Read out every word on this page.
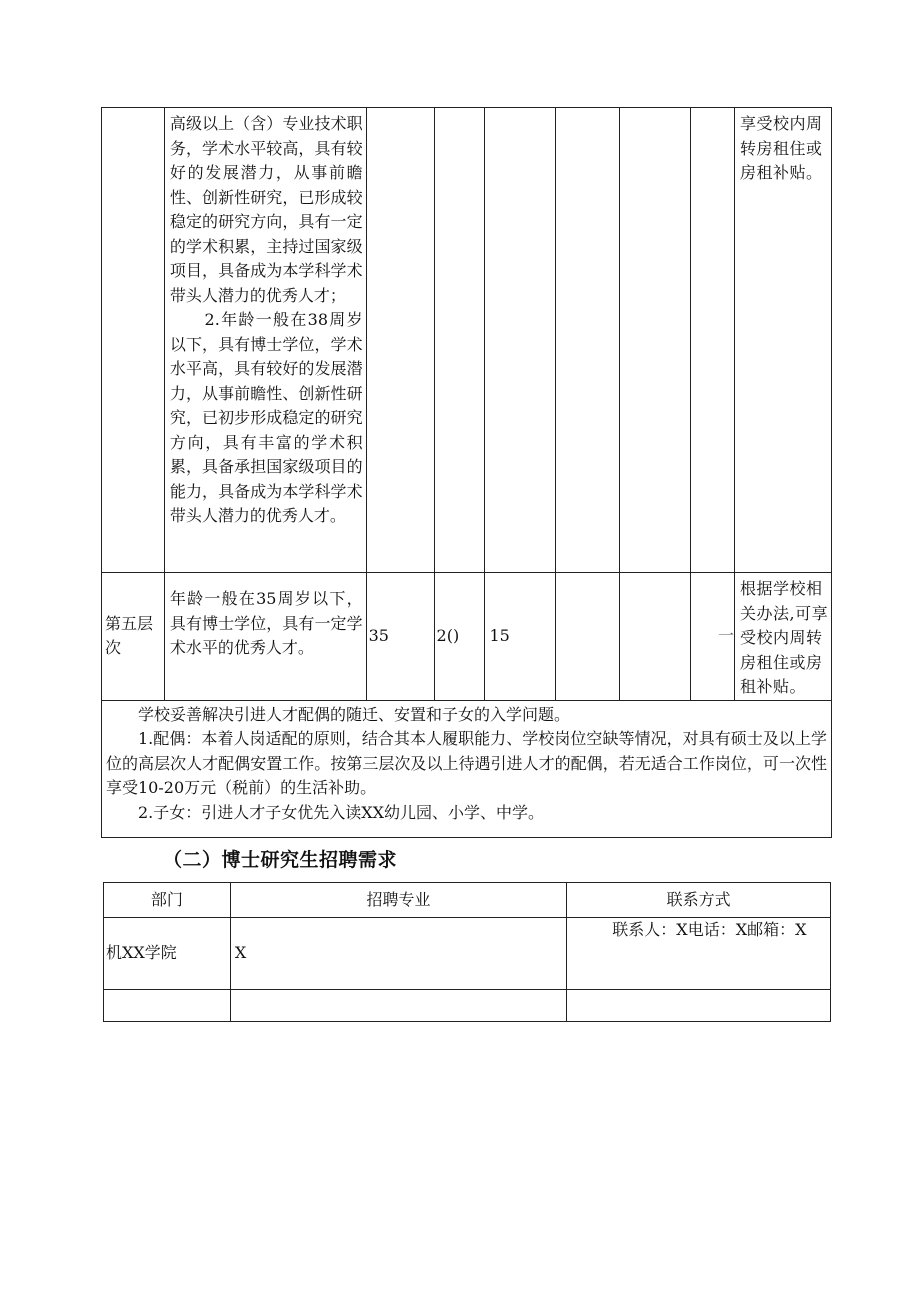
	高级以上（含）专业技术职务，学术水平较高，具有较好的发展潜力，从事前瞻性、创新性研究，已形成较稳定的研究方向，具有一定的学术积累，主持过国家级项目，具备成为本学科学术带头人潜力的优秀人才；
　　2.年龄一般在38周岁以下，具有博士学位，学术水平高，具有较好的发展潜力，从事前瞻性、创新性研究，已初步形成稳定的研究方向，具有丰富的学术积累，具备承担国家级项目的能力，具备成为本学科学术带头人潜力的优秀人才。							享受校内周转房租住或房租补贴。
第五层次	年龄一般在35周岁以下，具有博士学位，具有一定学术水平的优秀人才。	35	2()	15			一	根据学校相关办法,可享受校内周转房租住或房租补贴。

学校妥善解决引进人才配偶的随迁、安置和子女的入学问题。

1.配偶：本着人岗适配的原则，结合其本人履职能力、学校岗位空缺等情况，对具有硕士及以上学位的高层次人才配偶安置工作。按第三层次及以上待遇引进人才的配偶，若无适合工作岗位，可一次性享受10-20万元（税前）的生活补助。

2.子女：引进人才子女优先入读XX幼儿园、小学、中学。								

（二）博士研究生招聘需求
部门	招聘专业	联系方式
机XX学院	X	联系人：X电话：X邮箱：X
